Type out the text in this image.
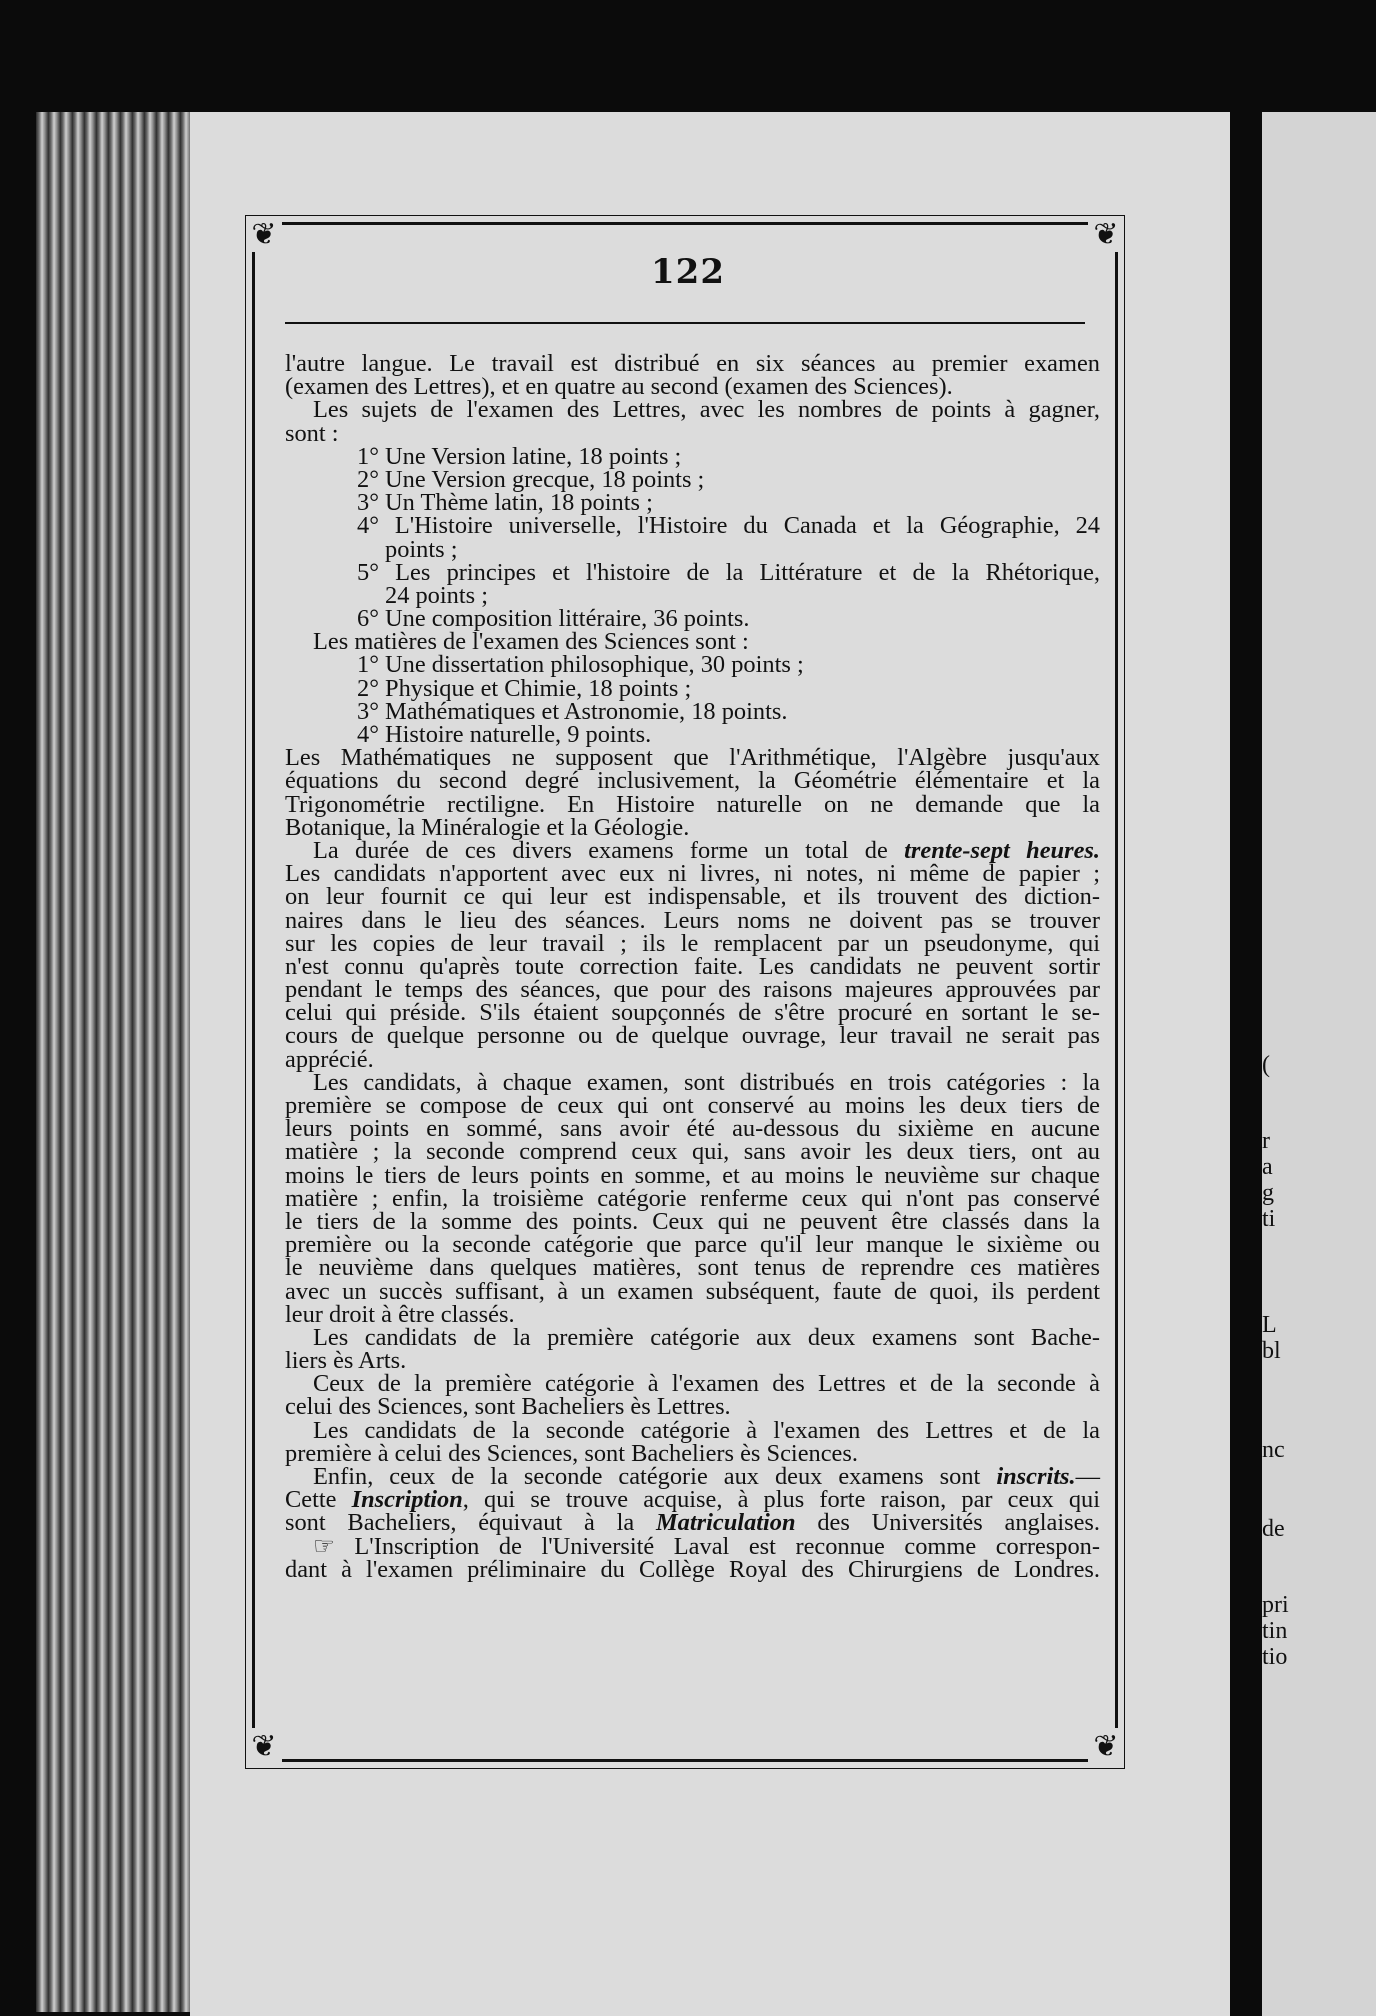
(
r
a
g
ti
L
bl
nc
de
pri
tin
tio
❦	❦
❦	❦
122
l'autre langue. Le travail est distribué en six séances au premier examen
(examen des Lettres), et en quatre au second (examen des Sciences).
Les sujets de l'examen des Lettres, avec les nombres de points à gagner,
sont :
1° Une Version latine, 18 points ;
2° Une Version grecque, 18 points ;
3° Un Thème latin, 18 points ;
4° L'Histoire universelle, l'Histoire du Canada et la Géographie, 24
points ;
5° Les principes et l'histoire de la Littérature et de la Rhétorique,
24 points ;
6° Une composition littéraire, 36 points.
Les matières de l'examen des Sciences sont :
1° Une dissertation philosophique, 30 points ;
2° Physique et Chimie, 18 points ;
3° Mathématiques et Astronomie, 18 points.
4° Histoire naturelle, 9 points.
Les Mathématiques ne supposent que l'Arithmétique, l'Algèbre jusqu'aux
équations du second degré inclusivement, la Géométrie élémentaire et la
Trigonométrie rectiligne. En Histoire naturelle on ne demande que la
Botanique, la Minéralogie et la Géologie.
La durée de ces divers examens forme un total de trente-sept heures.
Les candidats n'apportent avec eux ni livres, ni notes, ni même de papier ;
on leur fournit ce qui leur est indispensable, et ils trouvent des diction-
naires dans le lieu des séances. Leurs noms ne doivent pas se trouver
sur les copies de leur travail ; ils le remplacent par un pseudonyme, qui
n'est connu qu'après toute correction faite. Les candidats ne peuvent sortir
pendant le temps des séances, que pour des raisons majeures approuvées par
celui qui préside. S'ils étaient soupçonnés de s'être procuré en sortant le se-
cours de quelque personne ou de quelque ouvrage, leur travail ne serait pas
apprécié.
Les candidats, à chaque examen, sont distribués en trois catégories : la
première se compose de ceux qui ont conservé au moins les deux tiers de
leurs points en sommé, sans avoir été au-dessous du sixième en aucune
matière ; la seconde comprend ceux qui, sans avoir les deux tiers, ont au
moins le tiers de leurs points en somme, et au moins le neuvième sur chaque
matière ; enfin, la troisième catégorie renferme ceux qui n'ont pas conservé
le tiers de la somme des points. Ceux qui ne peuvent être classés dans la
première ou la seconde catégorie que parce qu'il leur manque le sixième ou
le neuvième dans quelques matières, sont tenus de reprendre ces matières
avec un succès suffisant, à un examen subséquent, faute de quoi, ils perdent
leur droit à être classés.
Les candidats de la première catégorie aux deux examens sont Bache-
liers ès Arts.
Ceux de la première catégorie à l'examen des Lettres et de la seconde à
celui des Sciences, sont Bacheliers ès Lettres.
Les candidats de la seconde catégorie à l'examen des Lettres et de la
première à celui des Sciences, sont Bacheliers ès Sciences.
Enfin, ceux de la seconde catégorie aux deux examens sont inscrits.—
Cette Inscription, qui se trouve acquise, à plus forte raison, par ceux qui
sont Bacheliers, équivaut à la Matriculation des Universités anglaises.
☞ L'Inscription de l'Université Laval est reconnue comme correspon-
dant à l'examen préliminaire du Collège Royal des Chirurgiens de Londres.
